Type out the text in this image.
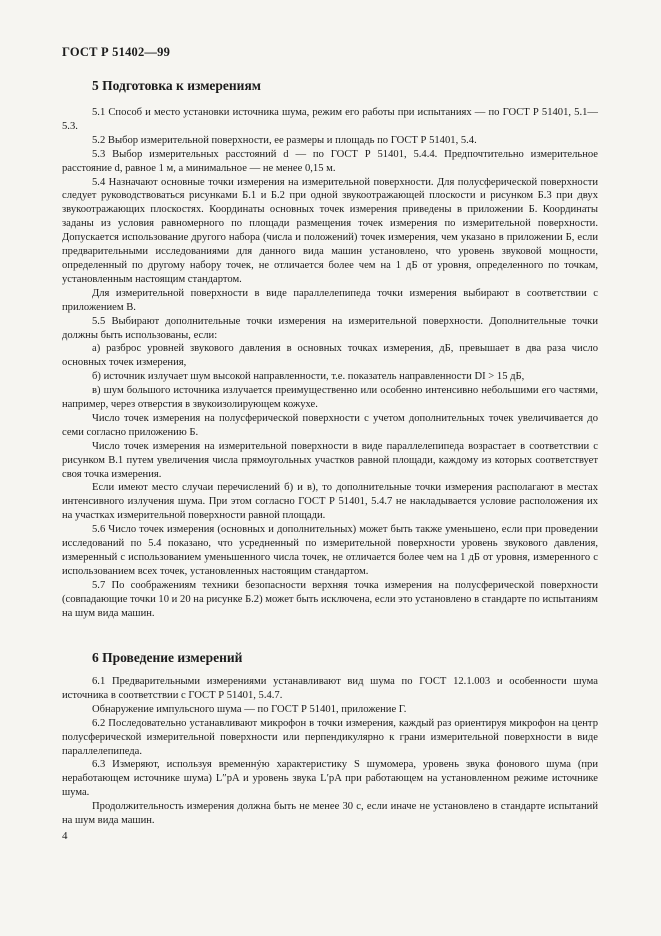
ГОСТ Р 51402—99
5 Подготовка к измерениям

5.1 Способ и место установки источника шума, режим его работы при испытаниях — по ГОСТ Р 51401, 5.1—5.3.

5.2 Выбор измерительной поверхности, ее размеры и площадь по ГОСТ Р 51401, 5.4.

5.3 Выбор измерительных расстояний d — по ГОСТ Р 51401, 5.4.4. Предпочтительно измерительное расстояние d, равное 1 м, а минимальное — не менее 0,15 м.

5.4 Назначают основные точки измерения на измерительной поверхности. Для полусферической поверхности следует руководствоваться рисунками Б.1 и Б.2 при одной звукоотражающей плоскости и рисунком Б.3 при двух звукоотражающих плоскостях. Координаты основных точек измерения приведены в приложении Б. Координаты заданы из условия равномерного по площади размещения точек измерения по измерительной поверхности. Допускается использование другого набора (числа и положений) точек измерения, чем указано в приложении Б, если предварительными исследованиями для данного вида машин установлено, что уровень звуковой мощности, определенный по другому набору точек, не отличается более чем на 1 дБ от уровня, определенного по точкам, установленным настоящим стандартом.

Для измерительной поверхности в виде параллелепипеда точки измерения выбирают в соответствии с приложением В.

5.5 Выбирают дополнительные точки измерения на измерительной поверхности. Дополнительные точки должны быть использованы, если:

а) разброс уровней звукового давления в основных точках измерения, дБ, превышает в два раза число основных точек измерения,

б) источник излучает шум высокой направленности, т.е. показатель направленности DI > 15 дБ,

в) шум большого источника излучается преимущественно или особенно интенсивно небольшими его частями, например, через отверстия в звукоизолирующем кожухе.

Число точек измерения на полусферической поверхности с учетом дополнительных точек увеличивается до семи согласно приложению Б.

Число точек измерения на измерительной поверхности в виде параллелепипеда возрастает в соответствии с рисунком В.1 путем увеличения числа прямоугольных участков равной площади, каждому из которых соответствует своя точка измерения.

Если имеют место случаи перечислений б) и в), то дополнительные точки измерения располагают в местах интенсивного излучения шума. При этом согласно ГОСТ Р 51401, 5.4.7 не накладывается условие расположения их на участках измерительной поверхности равной площади.

5.6 Число точек измерения (основных и дополнительных) может быть также уменьшено, если при проведении исследований по 5.4 показано, что усредненный по измерительной поверхности уровень звукового давления, измеренный с использованием уменьшенного числа точек, не отличается более чем на 1 дБ от уровня, измеренного с использованием всех точек, установленных настоящим стандартом.

5.7 По соображениям техники безопасности верхняя точка измерения на полусферической поверхности (совпадающие точки 10 и 20 на рисунке Б.2) может быть исключена, если это установлено в стандарте по испытаниям на шум вида машин.

6 Проведение измерений

6.1 Предварительными измерениями устанавливают вид шума по ГОСТ 12.1.003 и особенности шума источника в соответствии с ГОСТ Р 51401, 5.4.7.

Обнаружение импульсного шума — по ГОСТ Р 51401, приложение Г.

6.2 Последовательно устанавливают микрофон в точки измерения, каждый раз ориентируя микрофон на центр полусферической измерительной поверхности или перпендикулярно к грани измерительной поверхности в виде параллелепипеда.

6.3 Измеряют, используя временнýю характеристику S шумомера, уровень звука фонового шума (при неработающем источнике шума) L″pA и уровень звука L′pA при работающем на установленном режиме источнике шума.

Продолжительность измерения должна быть не менее 30 с, если иначе не установлено в стандарте испытаний на шум вида машин.

4
